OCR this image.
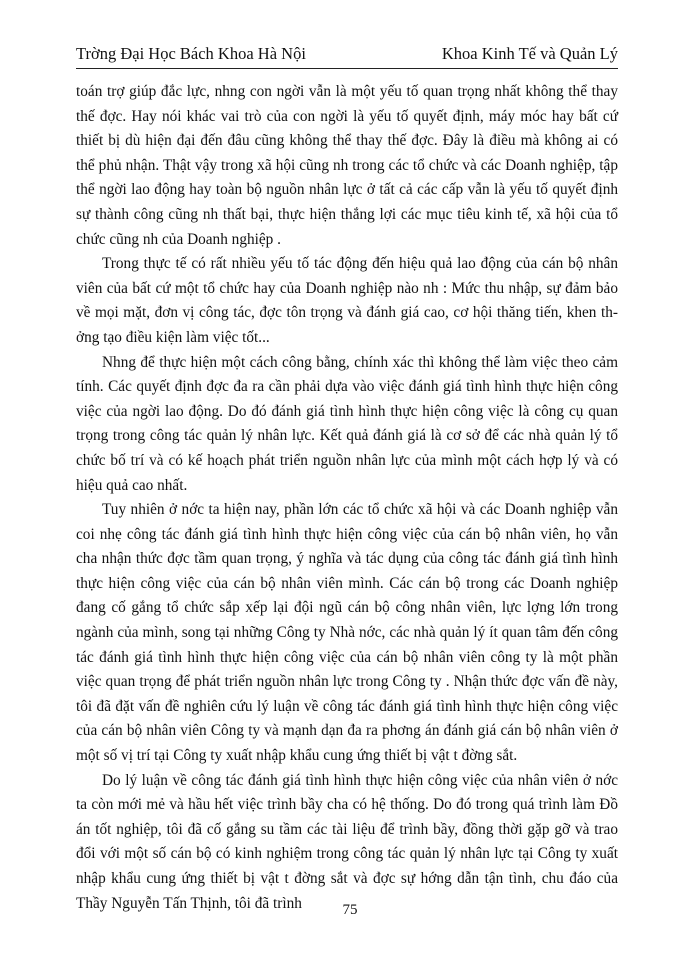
Trờng Đại Học Bách Khoa Hà Nội	Khoa Kinh Tế và Quản Lý

toán trợ giúp đắc lực, nhng con ngời vẫn là một yếu tố quan trọng nhất không thể thay thế đợc. Hay nói khác vai trò của con ngời là yếu tố quyết định, máy móc hay bất cứ thiết bị dù hiện đại đến đâu cũng không thể thay thế đợc. Đây là điều mà không ai có thể phủ nhận. Thật vậy trong xã hội cũng nh trong các tổ chức và các Doanh nghiệp, tập thể ngời lao động hay toàn bộ nguồn nhân lực ở tất cả các cấp vẫn là yếu tố quyết định sự thành công cũng nh thất bại, thực hiện thắng lợi các mục tiêu kinh tế, xã hội của tổ chức cũng nh của Doanh nghiệp .

Trong thực tế có rất nhiều yếu tố tác động đến hiệu quả lao động của cán bộ nhân viên của bất cứ một tổ chức hay của Doanh nghiệp nào nh : Mức thu nhập, sự đảm bảo về mọi mặt, đơn vị công tác, đợc tôn trọng và đánh giá cao, cơ hội thăng tiến, khen thởng tạo điều kiện làm việc tốt...

Nhng để thực hiện một cách công bằng, chính xác thì không thể làm việc theo cảm tính. Các quyết định đợc đa ra cần phải dựa vào việc đánh giá tình hình thực hiện công việc của ngời lao động. Do đó đánh giá tình hình thực hiện công việc là công cụ quan trọng trong công tác quản lý nhân lực. Kết quả đánh giá là cơ sở để các nhà quản lý tổ chức bố trí và có kế hoạch phát triển nguồn nhân lực của mình một cách hợp lý và có hiệu quả cao nhất.

Tuy nhiên ở nớc ta hiện nay, phần lớn các tổ chức xã hội và các Doanh nghiệp vẫn coi nhẹ công tác đánh giá tình hình thực hiện công việc của cán bộ nhân viên, họ vẫn cha nhận thức đợc tầm quan trọng, ý nghĩa và tác dụng của công tác đánh giá tình hình thực hiện công việc của cán bộ nhân viên mình. Các cán bộ trong các Doanh nghiệp đang cố gắng tổ chức sắp xếp lại đội ngũ cán bộ công nhân viên, lực lợng lớn trong ngành của mình, song tại những Công ty Nhà nớc, các nhà quản lý ít quan tâm đến công tác đánh giá tình hình thực hiện công việc của cán bộ nhân viên công ty là một phần việc quan trọng để phát triển nguồn nhân lực trong Công ty . Nhận thức đợc vấn đề này, tôi đã đặt vấn đề nghiên cứu lý luận về công tác đánh giá tình hình thực hiện công việc của cán bộ nhân viên Công ty và mạnh dạn đa ra phơng án đánh giá cán bộ nhân viên ở một số vị trí tại Công ty xuất nhập khẩu cung ứng thiết bị vật t đờng sắt.

Do lý luận về công tác đánh giá tình hình thực hiện công việc của nhân viên ở nớc ta còn mới mẻ và hầu hết việc trình bầy cha có hệ thống. Do đó trong quá trình làm Đồ án tốt nghiệp, tôi đã cố gắng su tầm các tài liệu để trình bầy, đồng thời gặp gỡ và trao đổi với một số cán bộ có kinh nghiệm trong công tác quản lý nhân lực tại Công ty xuất nhập khẩu cung ứng thiết bị vật t đờng sắt và đợc sự hớng dẫn tận tình, chu đáo của Thầy Nguyễn Tấn Thịnh, tôi đã trình	75
